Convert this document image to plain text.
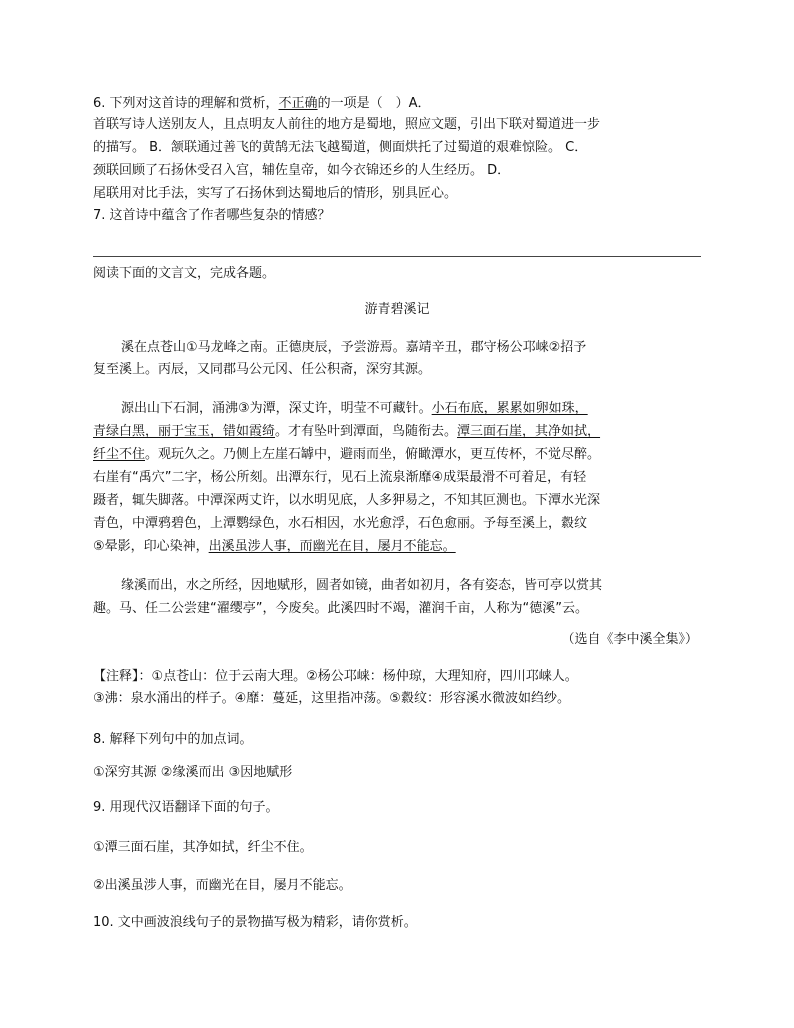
6. 下列对这首诗的理解和赏析，不正确的一项是（　）A．
首联写诗人送别友人，且点明友人前往的地方是蜀地，照应文题，引出下联对蜀道进一步
的描写。 B．颔联通过善飞的黄鹄无法飞越蜀道，侧面烘托了过蜀道的艰难惊险。 C．
颈联回顾了石扬休受召入宫，辅佐皇帝，如今衣锦还乡的人生经历。 D．
尾联用对比手法，实写了石扬休到达蜀地后的情形，别具匠心。
7. 这首诗中蕴含了作者哪些复杂的情感？
阅读下面的文言文，完成各题。
游青碧溪记
溪在点苍山①马龙峰之南。正德庚辰，予尝游焉。嘉靖辛丑，郡守杨公邛崃②招予
复至溪上。丙辰，又同郡马公元冈、任公积斋，深穷其源。
源出山下石洞，涌沸③为潭，深丈许，明莹不可藏针。小石布底，累累如卵如珠，
青绿白黑，丽于宝玉，错如霞绮。才有坠叶到潭面，鸟随衔去。潭三面石崖，其净如拭，
纤尘不住。观玩久之。乃侧上左崖石罅中，避雨而坐，俯瞰潭水，更互传杯，不觉尽醉。
右崖有“禹穴”二字，杨公所刻。出潭东行，见石上流泉渐靡④成渠最滑不可着足，有轻
蹑者，辄失脚落。中潭深两丈许，以水明见底，人多狎易之，不知其叵测也。下潭水光深
青色，中潭鸦碧色，上潭鹦绿色，水石相因，水光愈浮，石色愈丽。予每至溪上，縠纹
⑤晕影，印心染神，出溪虽涉人事，而幽光在目，屡月不能忘。
缘溪而出，水之所经，因地赋形，圆者如镜，曲者如初月，各有姿态，皆可亭以赏其
趣。马、任二公尝建“濯缨亭”，今废矣。此溪四时不竭，灌润千亩，人称为“德溪”云。
（选自《李中溪全集》）
【注释】：①点苍山：位于云南大理。②杨公邛崃：杨仲琼，大理知府，四川邛崃人。
③沸：泉水涌出的样子。④靡：蔓延，这里指冲荡。⑤縠纹：形容溪水微波如绉纱。
8. 解释下列句中的加点词。
①深穷其源 ②缘溪而出 ③因地赋形
9. 用现代汉语翻译下面的句子。
①潭三面石崖，其净如拭，纤尘不住。
②出溪虽涉人事，而幽光在目，屡月不能忘。
10. 文中画波浪线句子的景物描写极为精彩，请你赏析。
